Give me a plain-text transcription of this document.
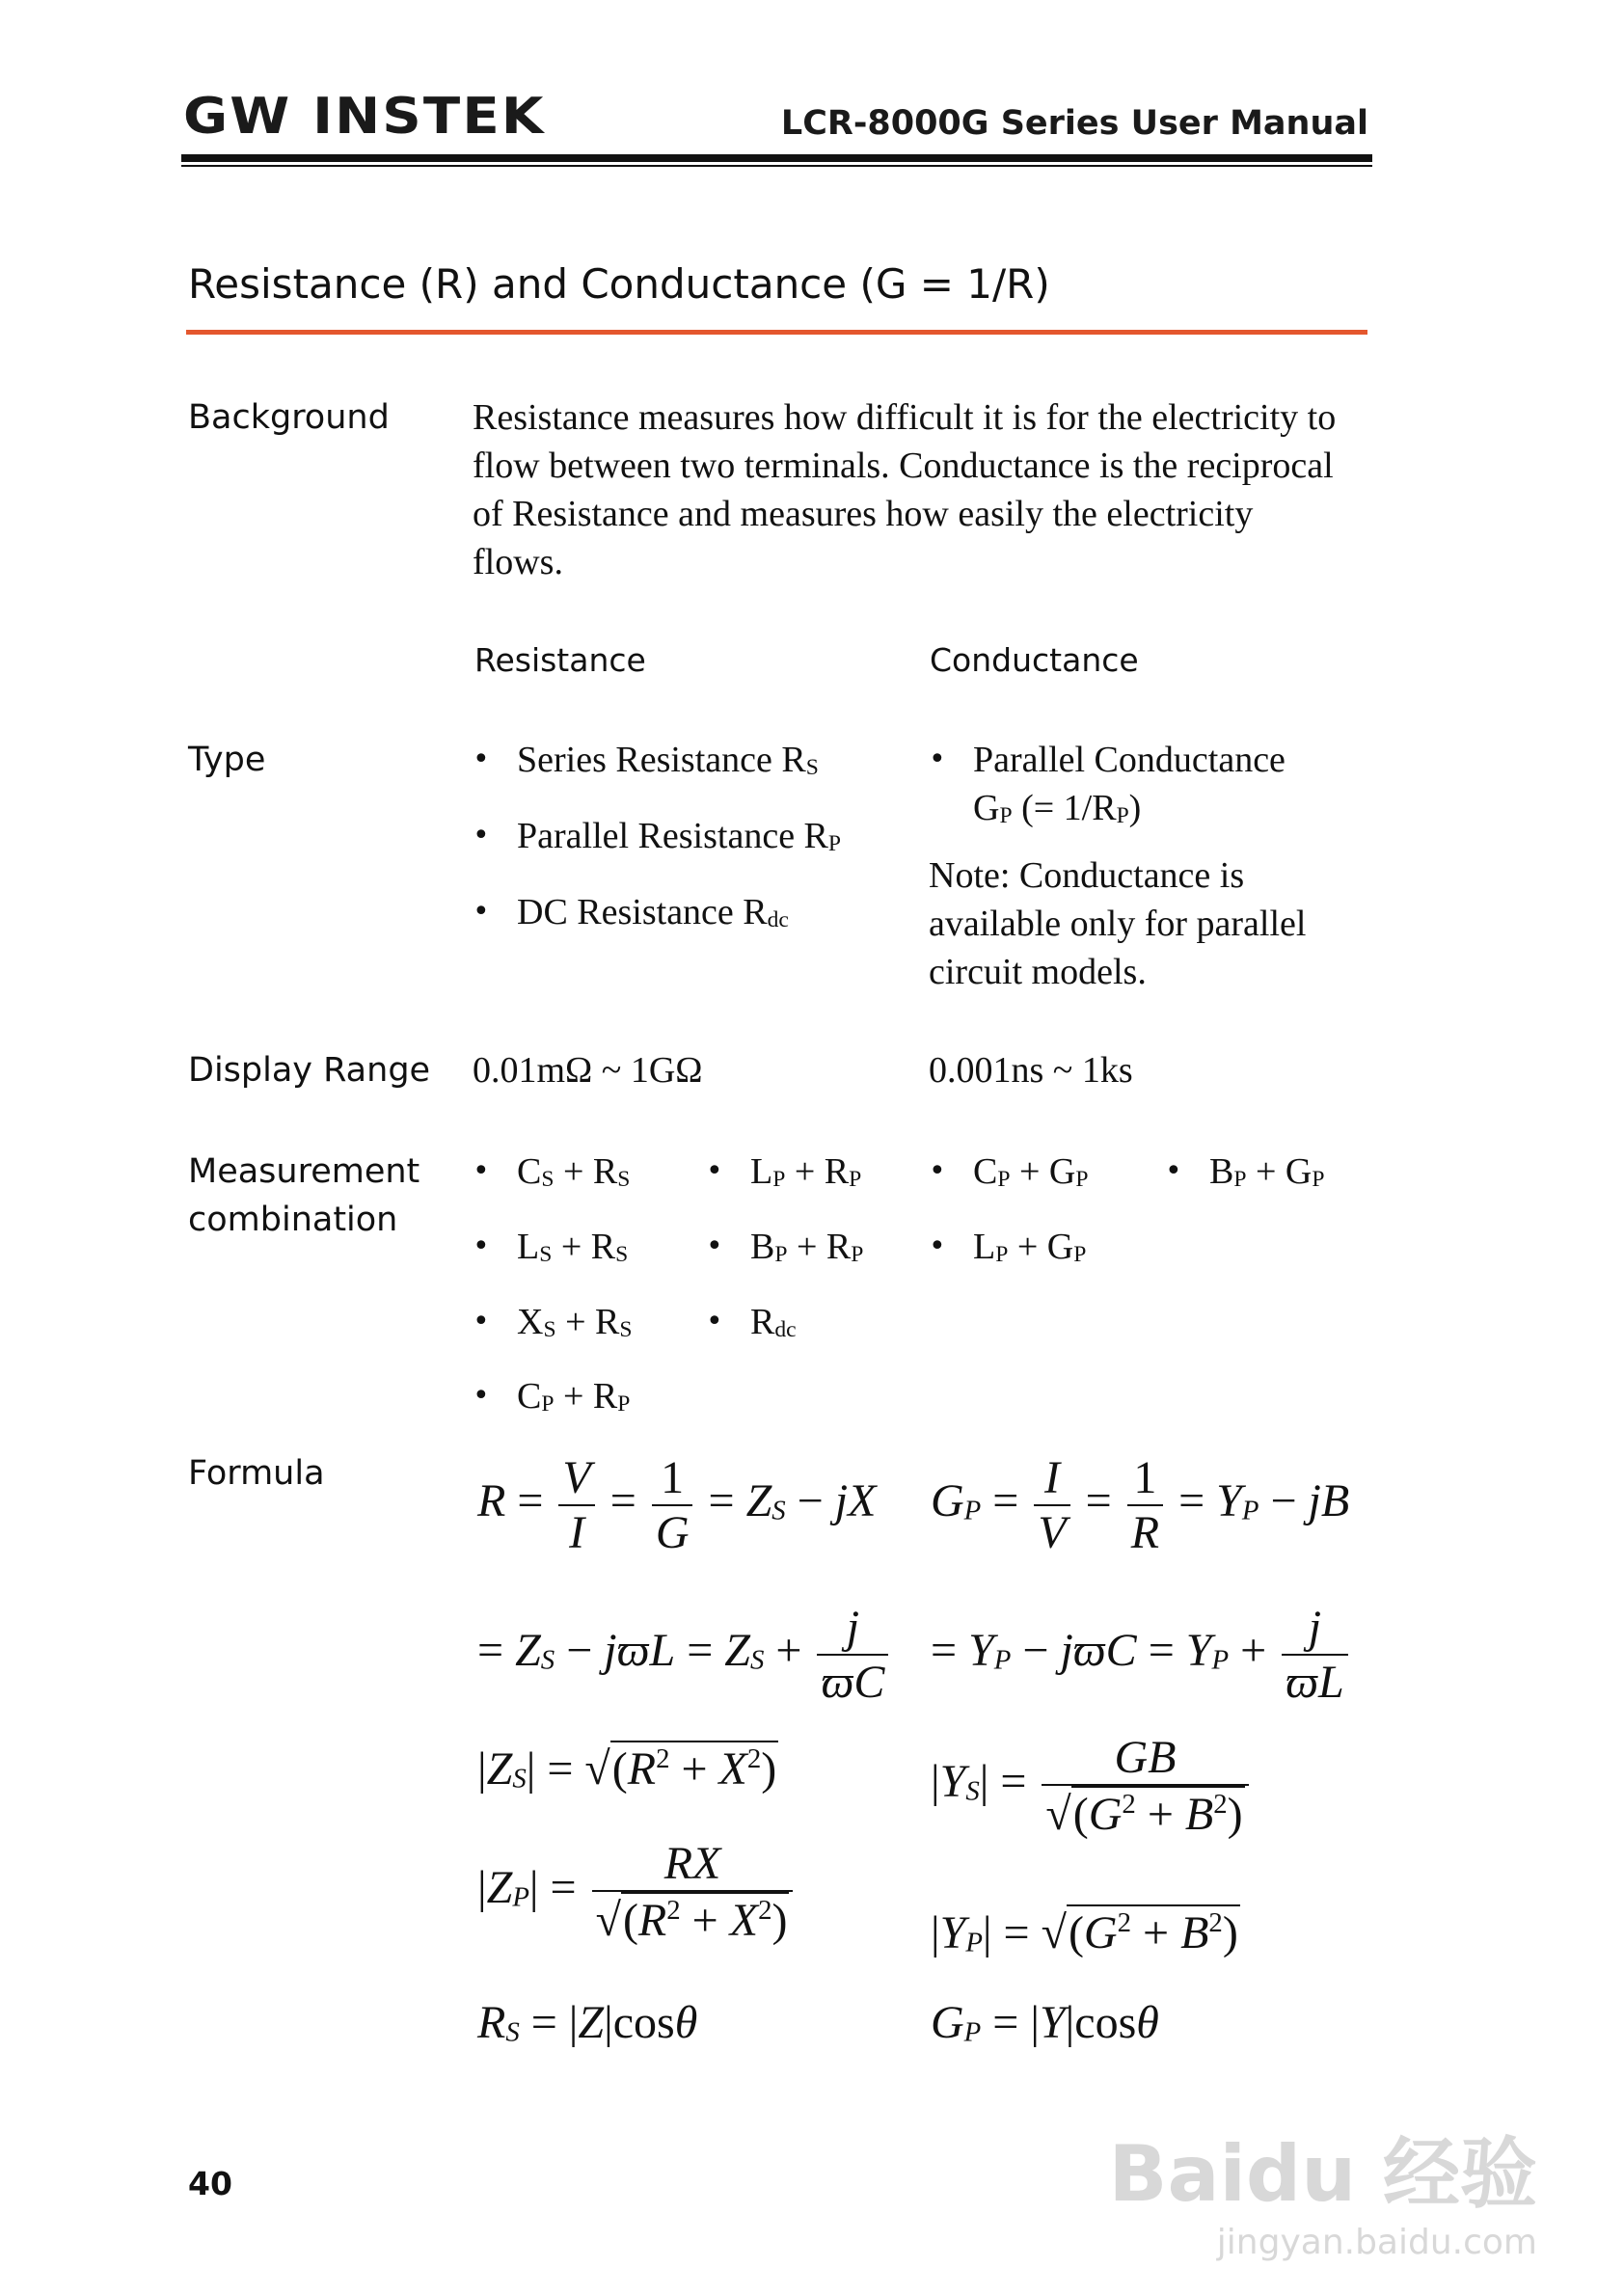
GW INSTEK	LCR-8000G Series User Manual
Resistance (R) and Conductance (G = 1/R)
Background Resistance measures how difficult it is for the electricity to flow between two terminals. Conductance is the reciprocal of Resistance and measures how easily the electricity flows.
Resistance	Conductance
Type
•	Series Resistance $R_S$
• Parallel Resistance $R_P$
• DC Resistance $R_{dc}$
• Parallel Conductance
$G_P$ (= $1/R_P$)
Note: Conductance is available only for parallel circuit models.
Display Range 0.01mΩ ~ 1GΩ	0.001ns ~ 1ks
Measurement combination
• $C_S + R_S$
• $L_S + R_S$
• $X_S + R_S$
• $C_P + R_P$
• $L_P + R_P$
• $B_P + R_P$
• $R_{dc}$
• $C_P + G_P$
• $L_P + G_P$
• $B_P + G_P$
Formula
$R = \frac{V}{I} = \frac{1}{G} = Z_S$ − jX
= $Z_S - jϖL = Z_S + \frac{j}{ϖC}$
$|Z_S| = √(R^2 + X^2)$
$|Z_P| = \frac{RX}{√(R^2 + X^2)}$
$R_S = |Z|\cos\theta$
$G_P = \frac{I}{V} = \frac{1}{R} = Y_P$ − jB
= $Y_P - jϖC = Y_P + \frac{j}{ϖL}$
$|Y_S| = \frac{GB}{√(G^2 + B^2)}$
$|Y_P| = √(G^2 + B^2)$
$G_P = |Y|\cos\theta$
40	Baidu 经验
jingyan.baidu.com
